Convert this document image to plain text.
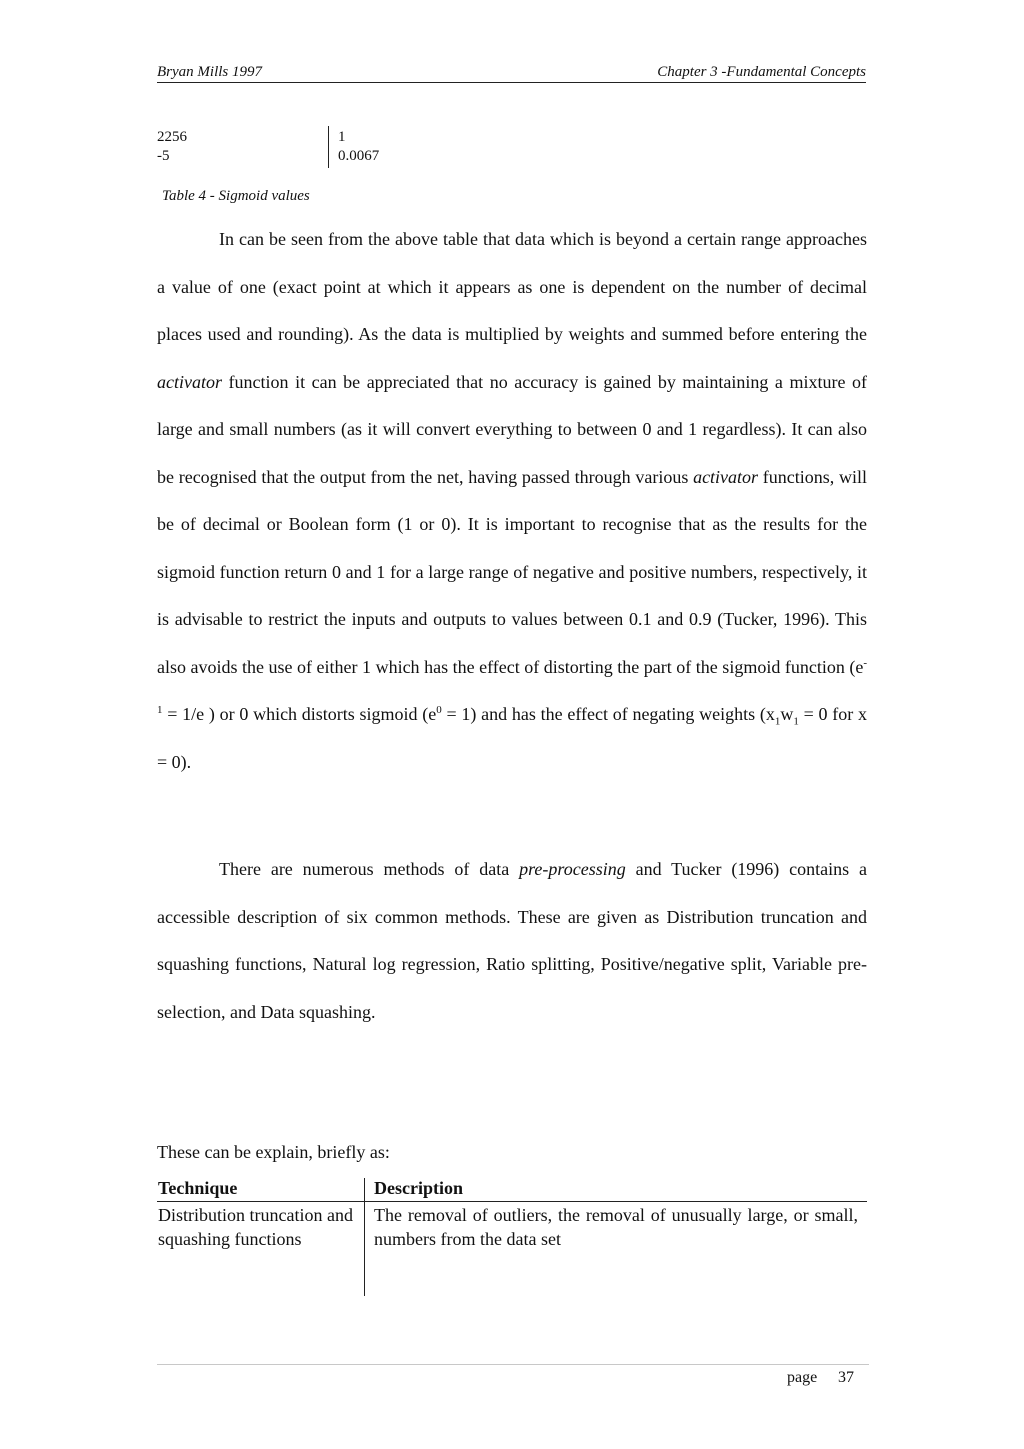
Bryan Mills 1997	Chapter 3 -Fundamental Concepts
2256
-5
1
0.0067
Table 4 - Sigmoid values
In can be seen from the above table that data which is beyond a certain range approaches a value of one (exact point at which it appears as one is dependent on the number of decimal places used and rounding). As the data is multiplied by weights and summed before entering the activator function it can be appreciated that no accuracy is gained by maintaining a mixture of large and small numbers (as it will convert everything to between 0 and 1 regardless). It can also be recognised that the output from the net, having passed through various activator functions, will be of decimal or Boolean form (1 or 0). It is important to recognise that as the results for the sigmoid function return 0 and 1 for a large range of negative and positive numbers, respectively, it is advisable to restrict the inputs and outputs to values between 0.1 and 0.9 (Tucker, 1996). This also avoids the use of either 1 which has the effect of distorting the part of the sigmoid function ($e^{-1} = 1/e$ ) or 0 which distorts sigmoid $(e^0 = 1)$ and has the effect of negating weights ($x_1w_1 = 0$ for x = 0).
There are numerous methods of data pre-processing and Tucker (1996) contains a accessible description of six common methods. These are given as Distribution truncation and squashing functions, Natural log regression, Ratio splitting, Positive/negative split, Variable pre-selection, and Data squashing.
These can be explain, briefly as:
Technique	Description
Distribution truncation and squashing functions
The removal of outliers, the removal of unusually large, or small, numbers from the data set
page 37
